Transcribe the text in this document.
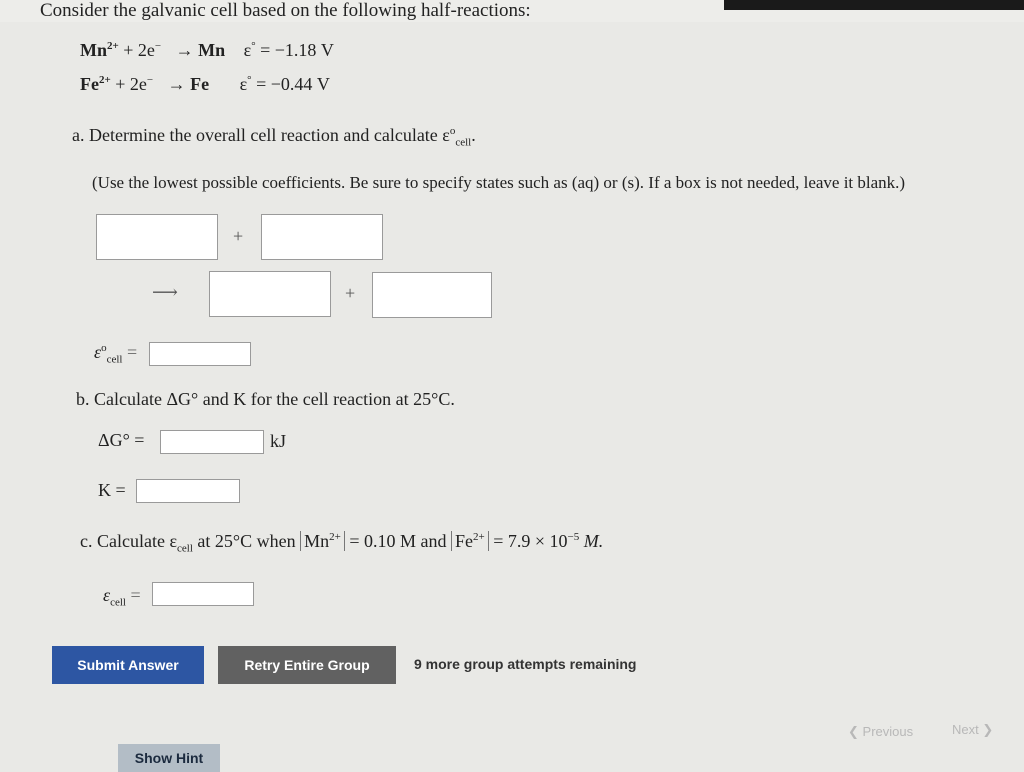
Consider the galvanic cell based on the following half-reactions:
$Mn^{2+} + 2e^- \to Mn$ ε° = −1.18 V
$Fe^{2+} + 2e^- \to Fe$ ε° = −0.44 V
a. Determine the overall cell reaction and calculate $\varepsilon^o_{cell}$.
(Use the lowest possible coefficients. Be sure to specify states such as (aq) or (s). If a box is not needed, leave it blank.)
+
⟶	+
$\varepsilon^o_{cell}$ =
b. Calculate ΔG° and K for the cell reaction at 25°C.
ΔG° =	kJ
K =
c. Calculate $\varepsilon_{cell}$ at 25°C when $Mn^{2+} = 0.10$ M and $Fe^{2+} = 7.9 \times 10^{-5}$ M.
$\varepsilon_{cell}$ =
Submit Answer	Retry Entire Group	9 more group attempts remaining
❮ Previous	Next ❯
Show Hint
